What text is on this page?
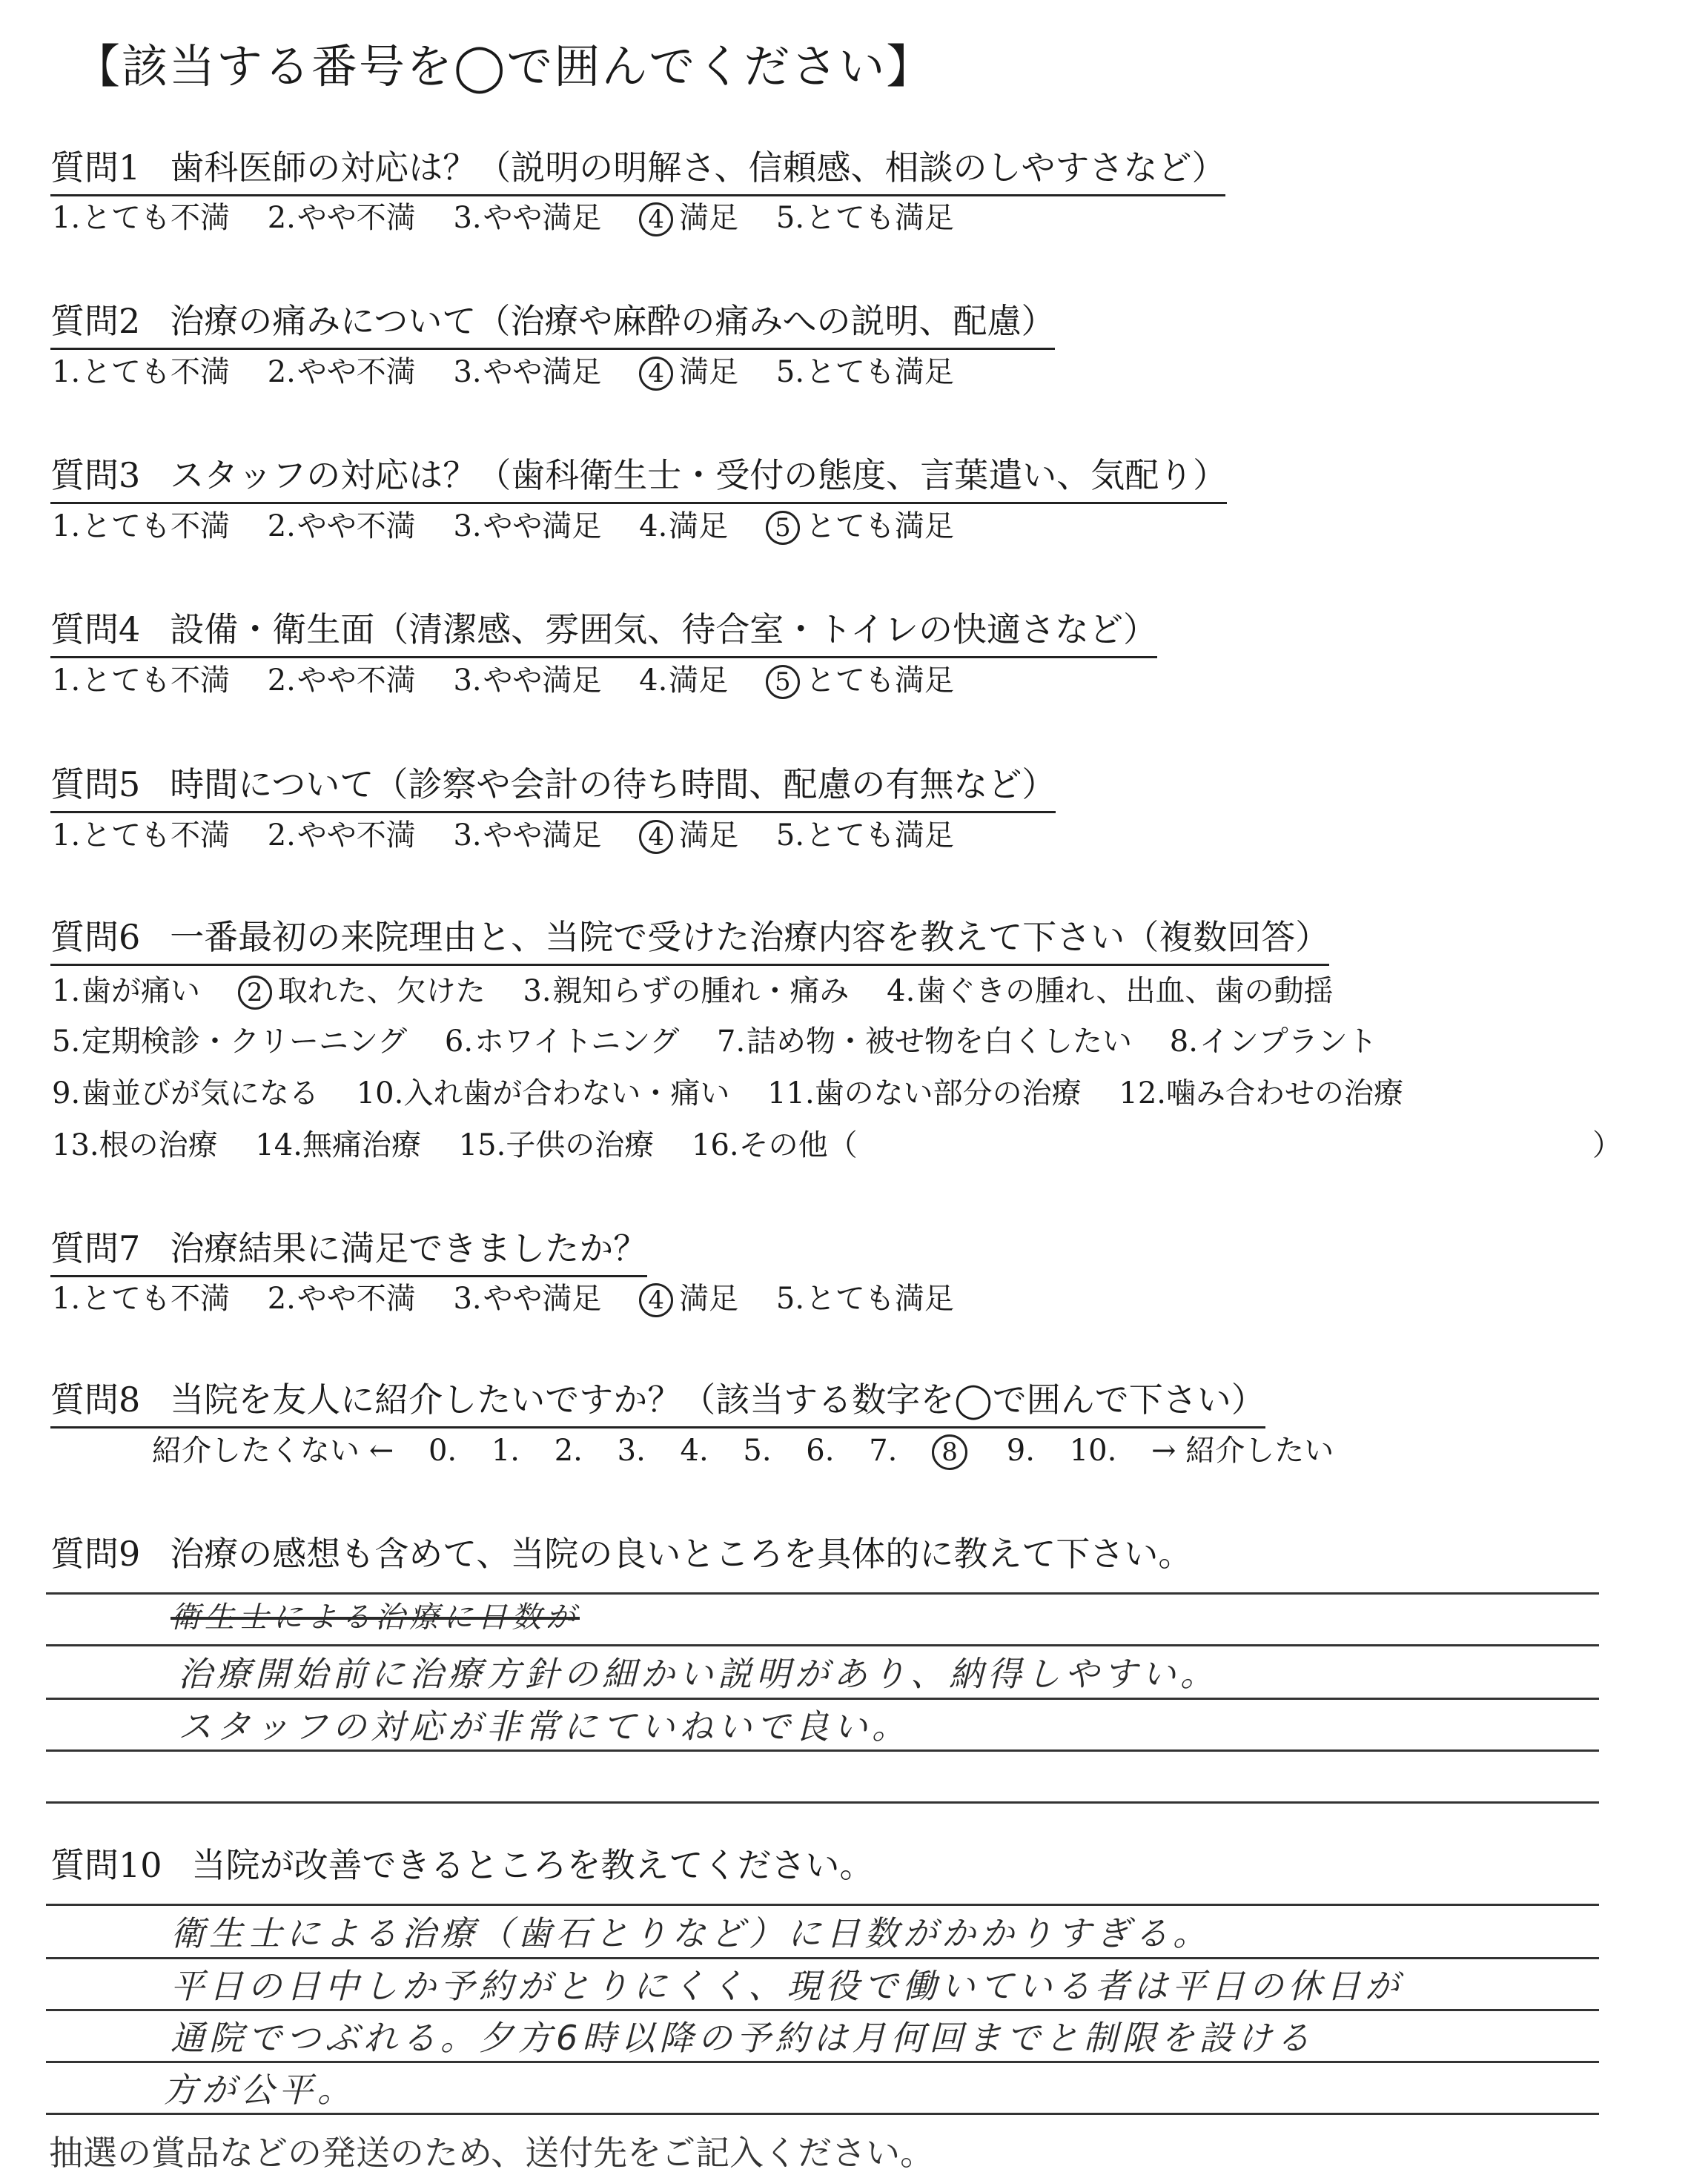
【該当する番号を◯で囲んでください】
質問1 歯科医師の対応は？（説明の明解さ、信頼感、相談のしやすさなど）
1.とても不満 2.やや不満 3.やや満足 4 満足 5.とても満足
質問2 治療の痛みについて（治療や麻酔の痛みへの説明、配慮）
1.とても不満 2.やや不満 3.やや満足 4 満足 5.とても満足
質問3 スタッフの対応は？（歯科衛生士・受付の態度、言葉遣い、気配り）
1.とても不満 2.やや不満 3.やや満足 4.満足 5 とても満足
質問4 設備・衛生面（清潔感、雰囲気、待合室・トイレの快適さなど）
1.とても不満 2.やや不満 3.やや満足 4.満足 5 とても満足
質問5 時間について（診察や会計の待ち時間、配慮の有無など）
1.とても不満 2.やや不満 3.やや満足 4 満足 5.とても満足
質問6 一番最初の来院理由と、当院で受けた治療内容を教えて下さい（複数回答）
1.歯が痛い 2 取れた、欠けた 3.親知らずの腫れ・痛み 4.歯ぐきの腫れ、出血、歯の動揺
5.定期検診・クリーニング 6.ホワイトニング 7.詰め物・被せ物を白くしたい 8.インプラント
9.歯並びが気になる 10.入れ歯が合わない・痛い 11.歯のない部分の治療 12.噛み合わせの治療
13.根の治療 14.無痛治療 15.子供の治療 16.その他（	）
質問7 治療結果に満足できましたか？
1.とても不満 2.やや不満 3.やや満足 4 満足 5.とても満足
質問8 当院を友人に紹介したいですか？（該当する数字を◯で囲んで下さい）
紹介したくない ← 0. 1. 2. 3. 4. 5. 6. 7. 8 9. 10. → 紹介したい
質問9 治療の感想も含めて、当院の良いところを具体的に教えて下さい。
衛生士による治療に日数が
治療開始前に治療方針の細かい説明があり、納得しやすい。
スタッフの対応が非常にていねいで良い。
質問10 当院が改善できるところを教えてください。
衛生士による治療（歯石とりなど）に日数がかかりすぎる。
平日の日中しか予約がとりにくく、現役で働いている者は平日の休日が
通院でつぶれる。夕方6時以降の予約は月何回までと制限を設ける
方が公平。
抽選の賞品などの発送のため、送付先をご記入ください。
